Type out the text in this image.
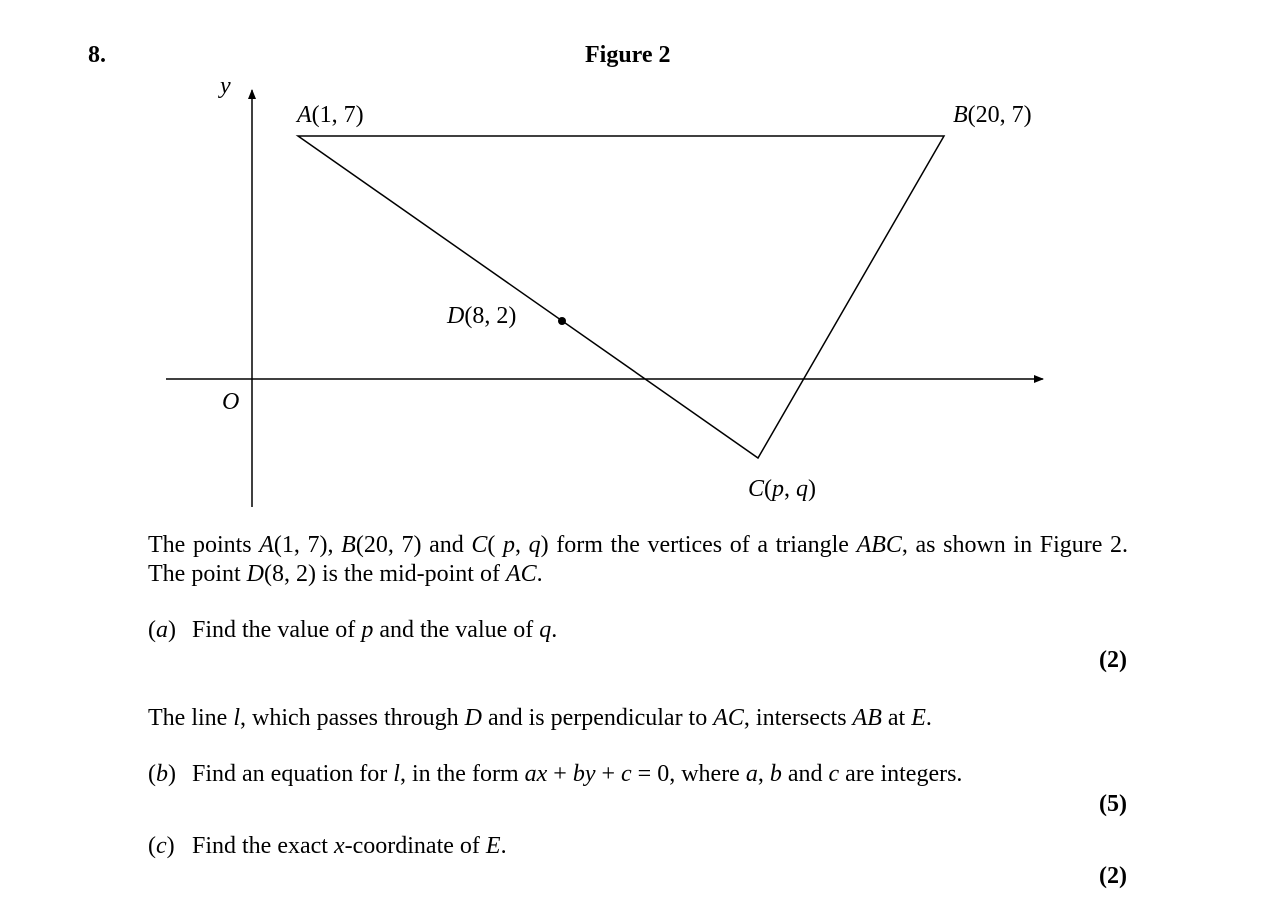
8.	Figure 2
y
O
A(1, 7)	B(20, 7)
D(8, 2)
C(p, q)
The points A(1, 7), B(20, 7) and C( p, q) form the vertices of a triangle ABC, as shown in Figure 2. The point D(8, 2) is the mid-point of AC.
(a) Find the value of p and the value of q.
(2)
The line l, which passes through D and is perpendicular to AC, intersects AB at E.
(b) Find an equation for l, in the form ax + by + c = 0, where a, b and c are integers.
(5)
(c) Find the exact x-coordinate of E.
(2)
